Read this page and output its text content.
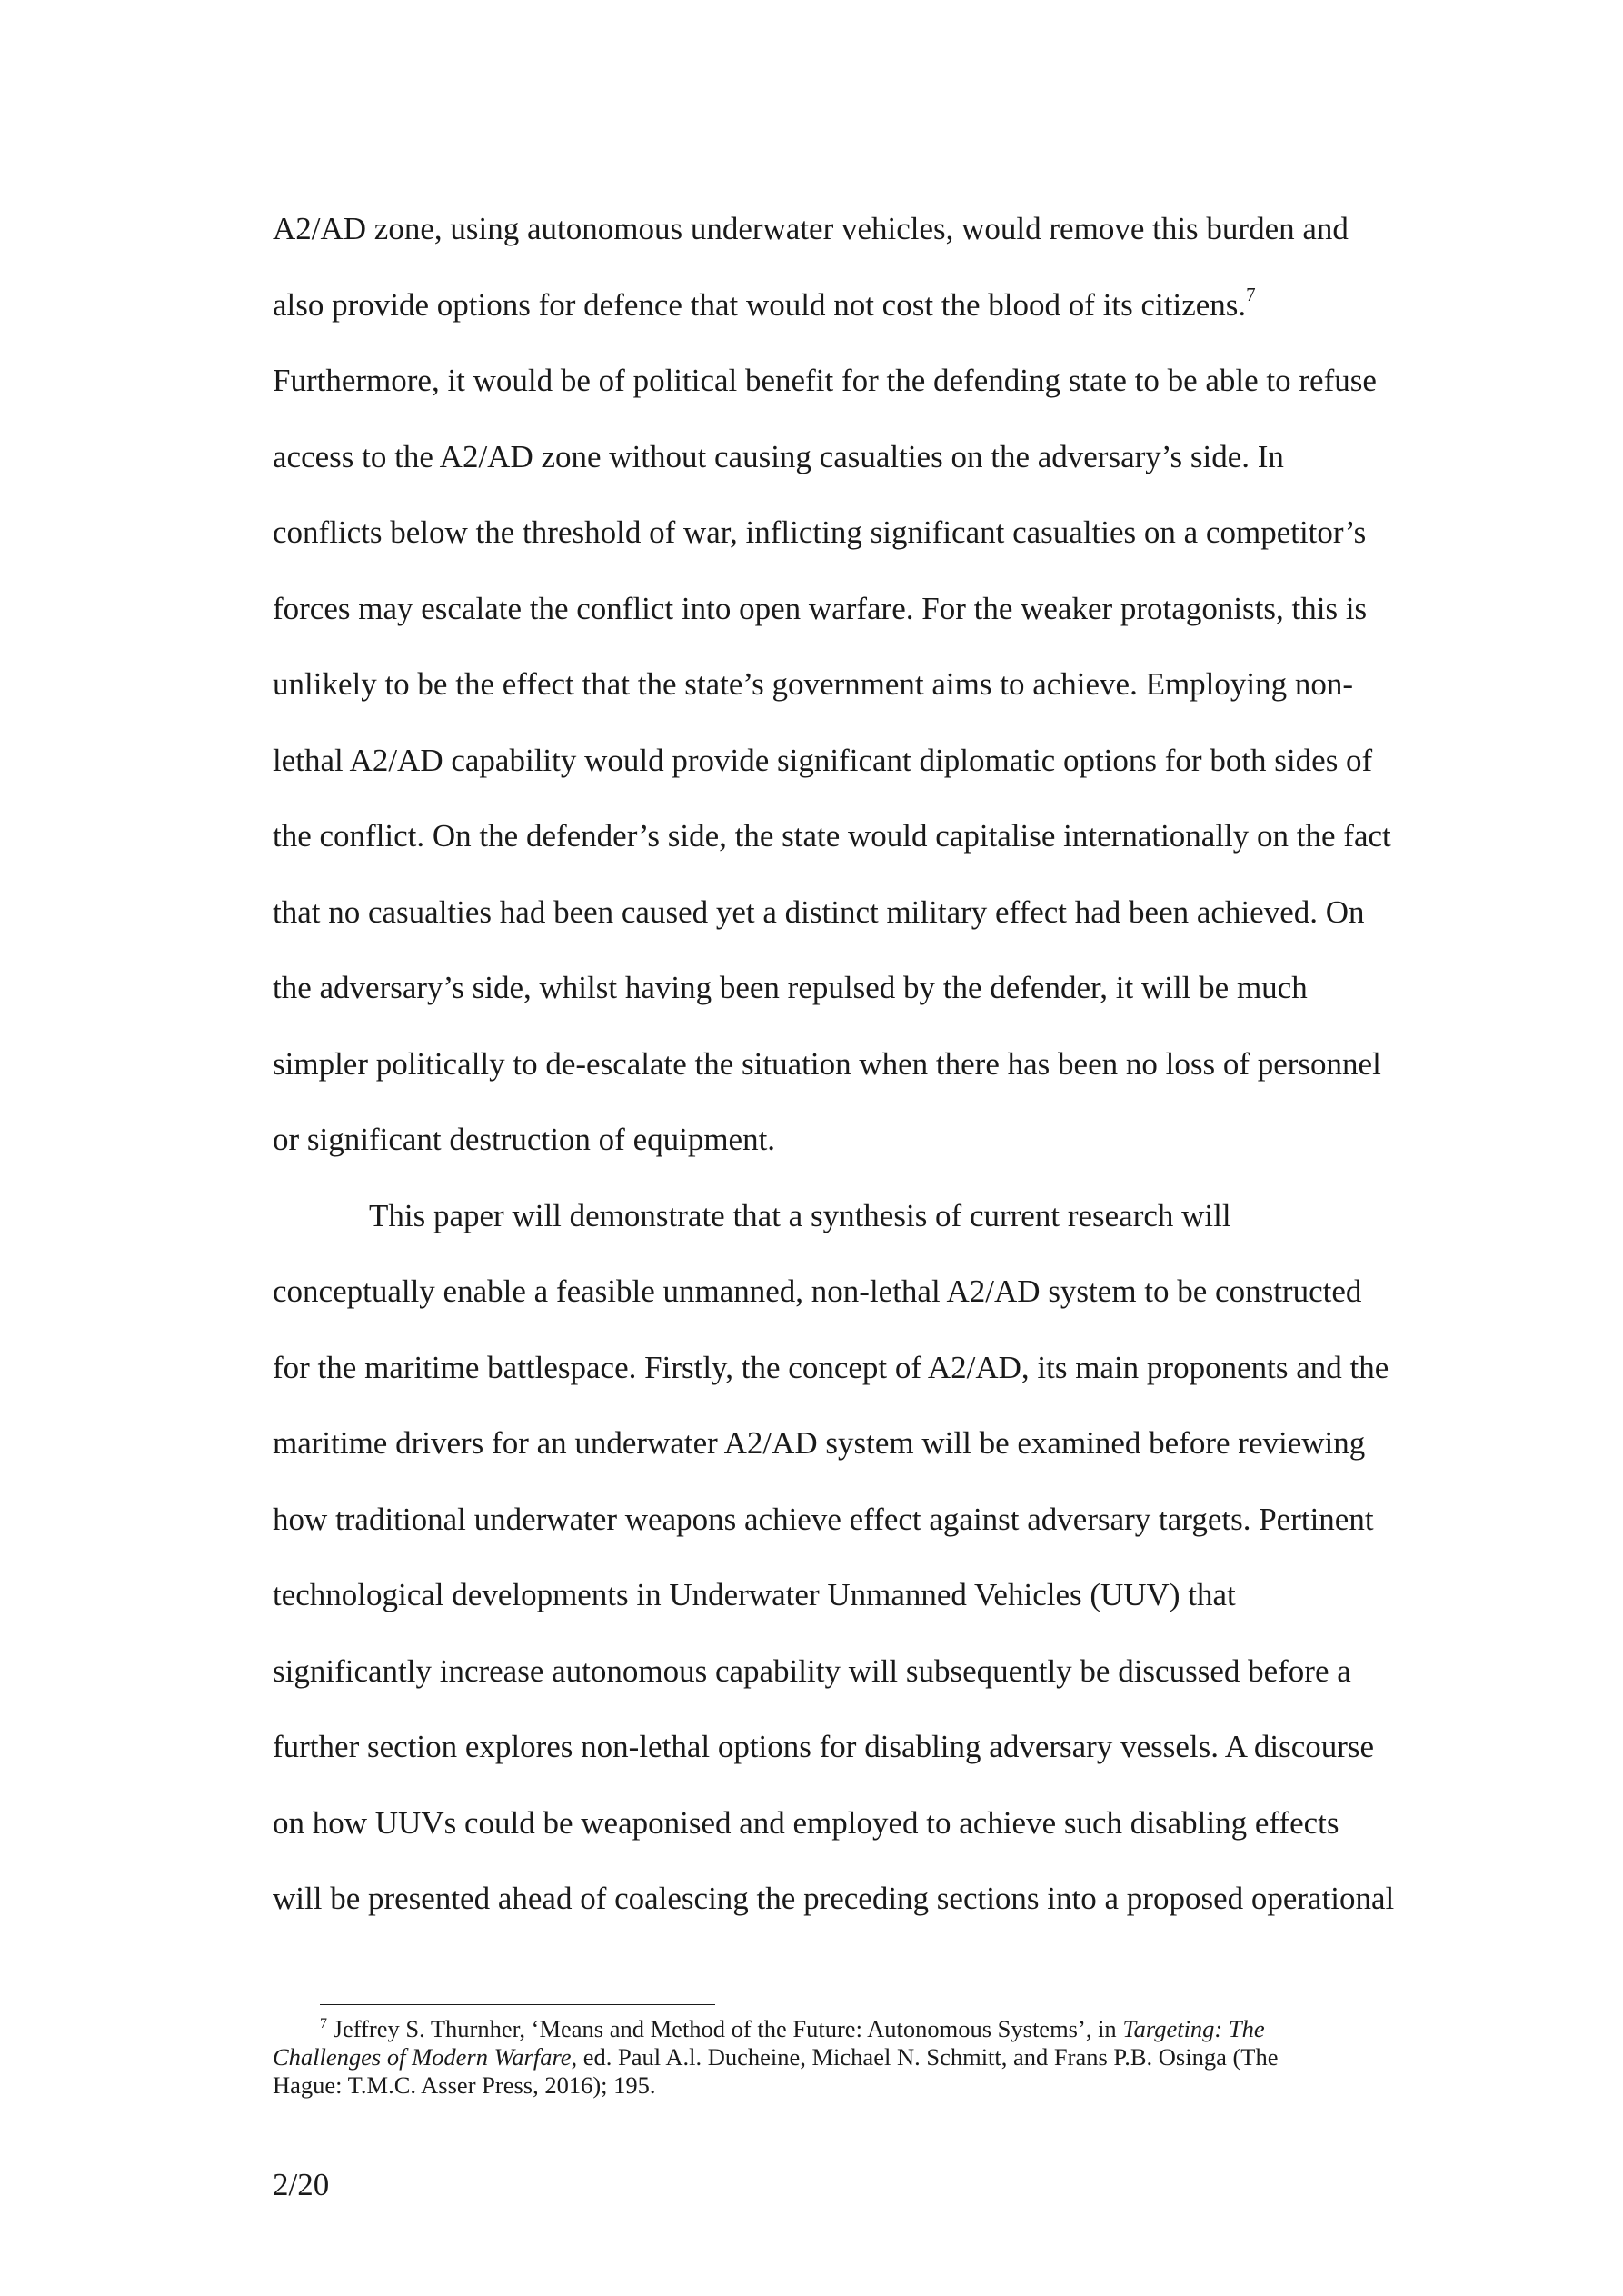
A2/AD zone, using autonomous underwater vehicles, would remove this burden and
also provide options for defence that would not cost the blood of its citizens.$^7$
Furthermore, it would be of political benefit for the defending state to be able to refuse
access to the A2/AD zone without causing casualties on the adversary’s side. In
conflicts below the threshold of war, inflicting significant casualties on a competitor’s
forces may escalate the conflict into open warfare. For the weaker protagonists, this is
unlikely to be the effect that the state’s government aims to achieve. Employing non-
lethal A2/AD capability would provide significant diplomatic options for both sides of
the conflict. On the defender’s side, the state would capitalise internationally on the fact
that no casualties had been caused yet a distinct military effect had been achieved. On
the adversary’s side, whilst having been repulsed by the defender, it will be much
simpler politically to de-escalate the situation when there has been no loss of personnel
or significant destruction of equipment.
This paper will demonstrate that a synthesis of current research will
conceptually enable a feasible unmanned, non-lethal A2/AD system to be constructed
for the maritime battlespace. Firstly, the concept of A2/AD, its main proponents and the
maritime drivers for an underwater A2/AD system will be examined before reviewing
how traditional underwater weapons achieve effect against adversary targets. Pertinent
technological developments in Underwater Unmanned Vehicles (UUV) that
significantly increase autonomous capability will subsequently be discussed before a
further section explores non-lethal options for disabling adversary vessels. A discourse
on how UUVs could be weaponised and employed to achieve such disabling effects
will be presented ahead of coalescing the preceding sections into a proposed operational
$^7$ Jeffrey S. Thurnher, ‘Means and Method of the Future: Autonomous Systems’, in Targeting: The
Challenges of Modern Warfare, ed. Paul A.l. Ducheine, Michael N. Schmitt, and Frans P.B. Osinga (The
Hague: T.M.C. Asser Press, 2016); 195.
2/20
